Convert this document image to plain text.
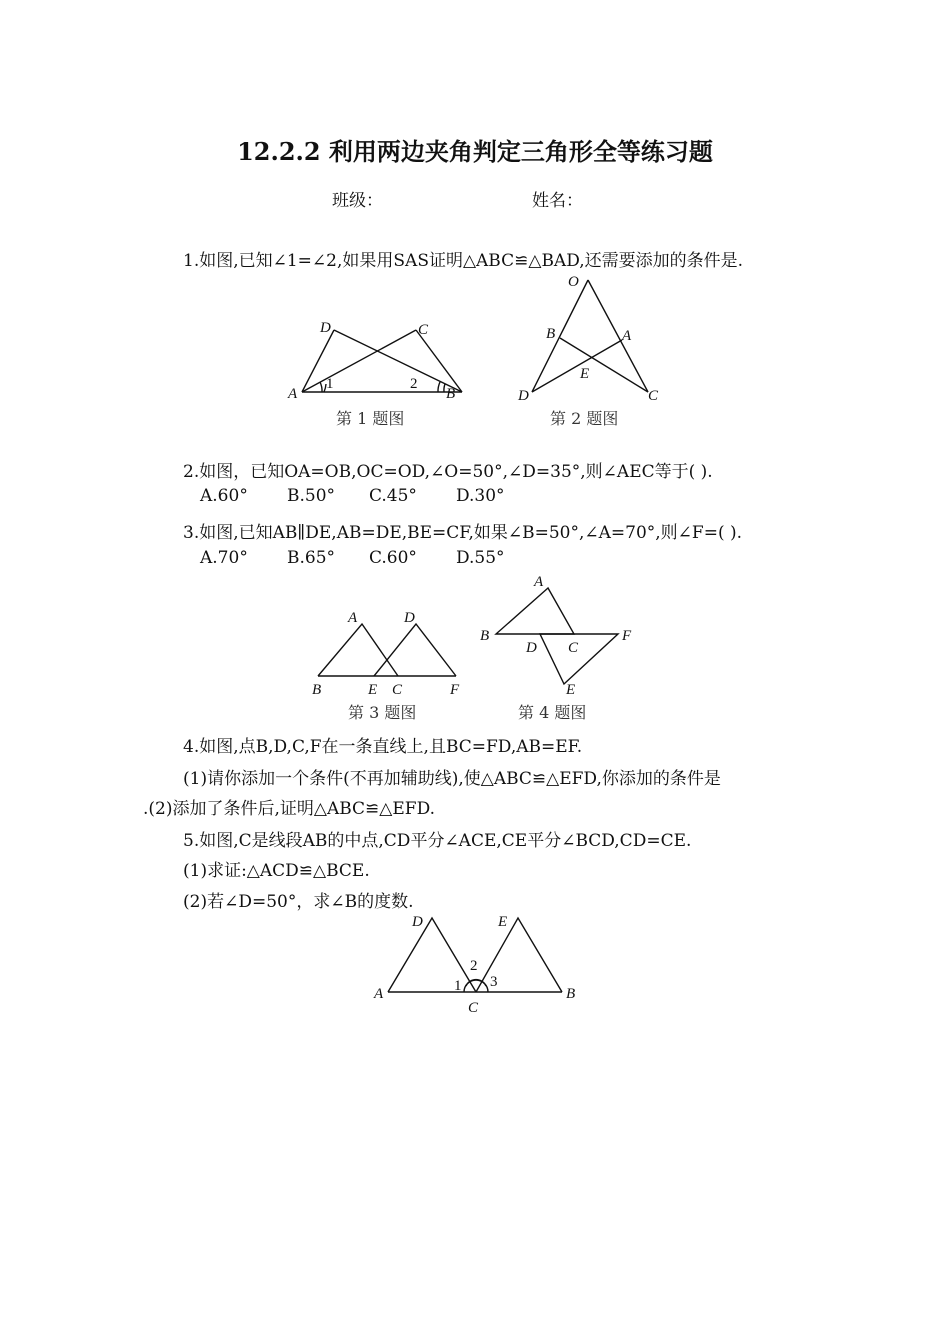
12.2.2 利用两边夹角判定三角形全等练习题
班级：	姓名：
1.如图,已知∠1=∠2,如果用SAS证明△ABC≌△BAD,还需要添加的条件是.
D	C
A	B
1	2
第 1 题图
O
B	A
E
D	C
第 2 题图
2.如图，已知OA=OB,OC=OD,∠O=50°,∠D=35°,则∠AEC等于( ).
A.60° B.50° C.45° D.30°
3.如图,已知AB∥DE,AB=DE,BE=CF,如果∠B=50°,∠A=70°,则∠F=( ).
A.70° B.65° C.60° D.55°
A	D
B	E C	F
第 3 题图
A
B
D C
F
E
第 4 题图
4.如图,点B,D,C,F在一条直线上,且BC=FD,AB=EF.
(1)请你添加一个条件(不再加辅助线),使△ABC≌△EFD,你添加的条件是
.(2)添加了条件后,证明△ABC≌△EFD.
5.如图,C是线段AB的中点,CD平分∠ACE,CE平分∠BCD,CD=CE.
(1)求证:△ACD≌△BCE.
(2)若∠D=50°，求∠B的度数.
D	E
2
1 3
A
C
B
